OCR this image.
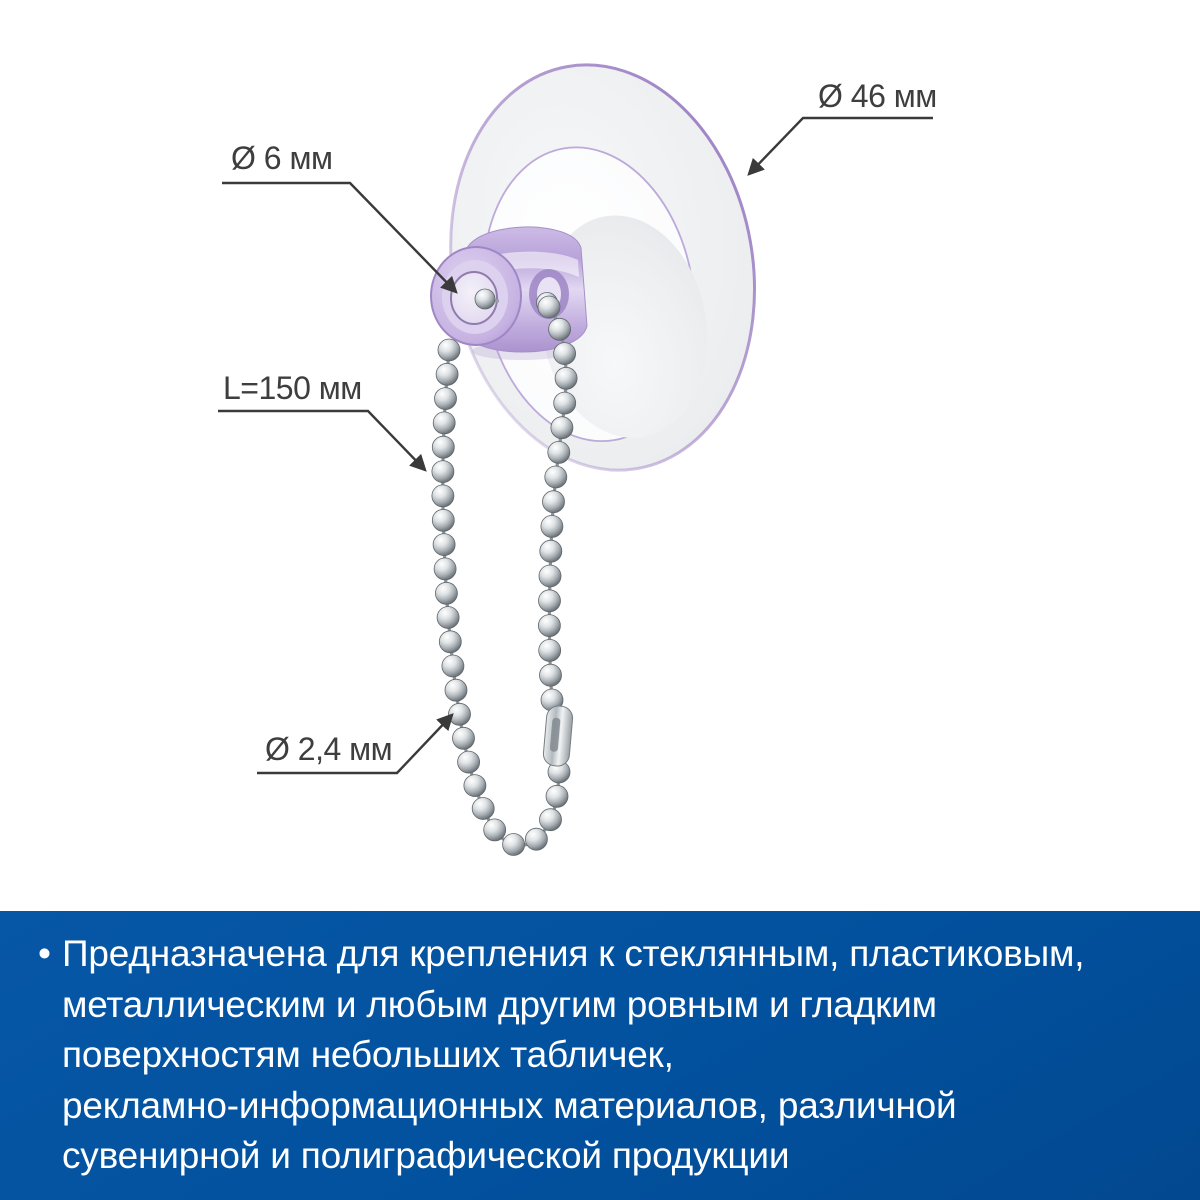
Ø 46 мм
Ø 6 мм
L=150 мм
Ø 2,4 мм
• Предназначена для крепления к стеклянным, пластиковым,
металлическим и любым другим ровным и гладким
поверхностям небольших табличек,
рекламно-информационных материалов, различной
сувенирной и полиграфической продукции
